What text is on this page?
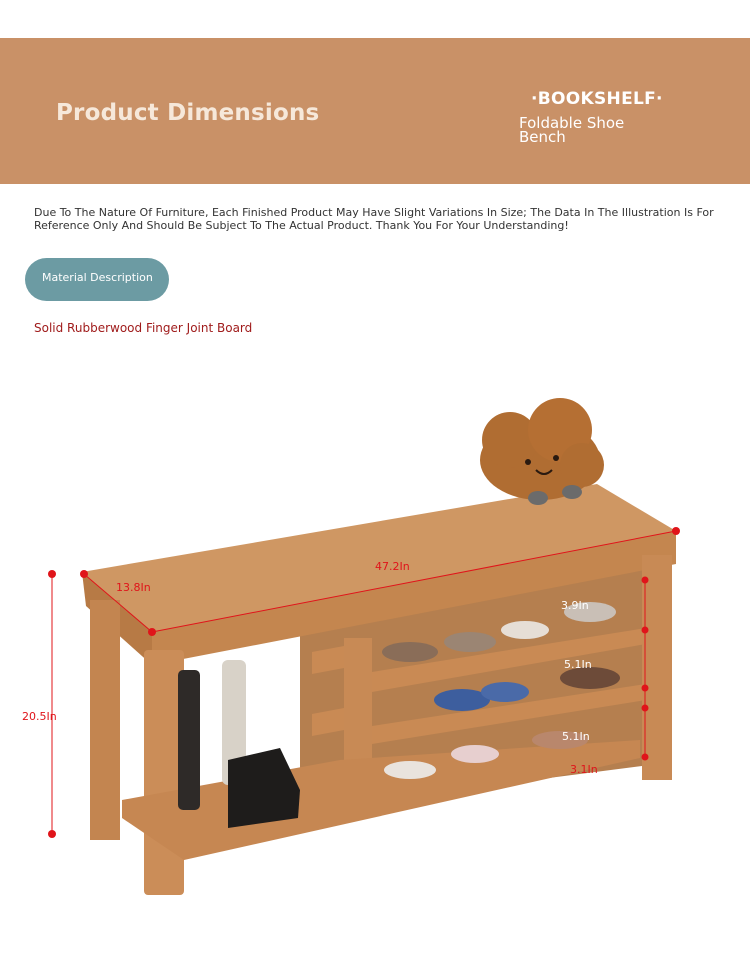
Product Dimensions
·BOOKSHELF·
Foldable Shoe Bench
Due To The Nature Of Furniture, Each Finished Product May Have Slight Variations In Size; The Data In The Illustration Is For Reference Only And Should Be Subject To The Actual Product. Thank You For Your Understanding!
Material Description
Solid Rubberwood Finger Joint Board
20.5In
13.8In
47.2In
3.9In
5.1In
5.1In
3.1In
